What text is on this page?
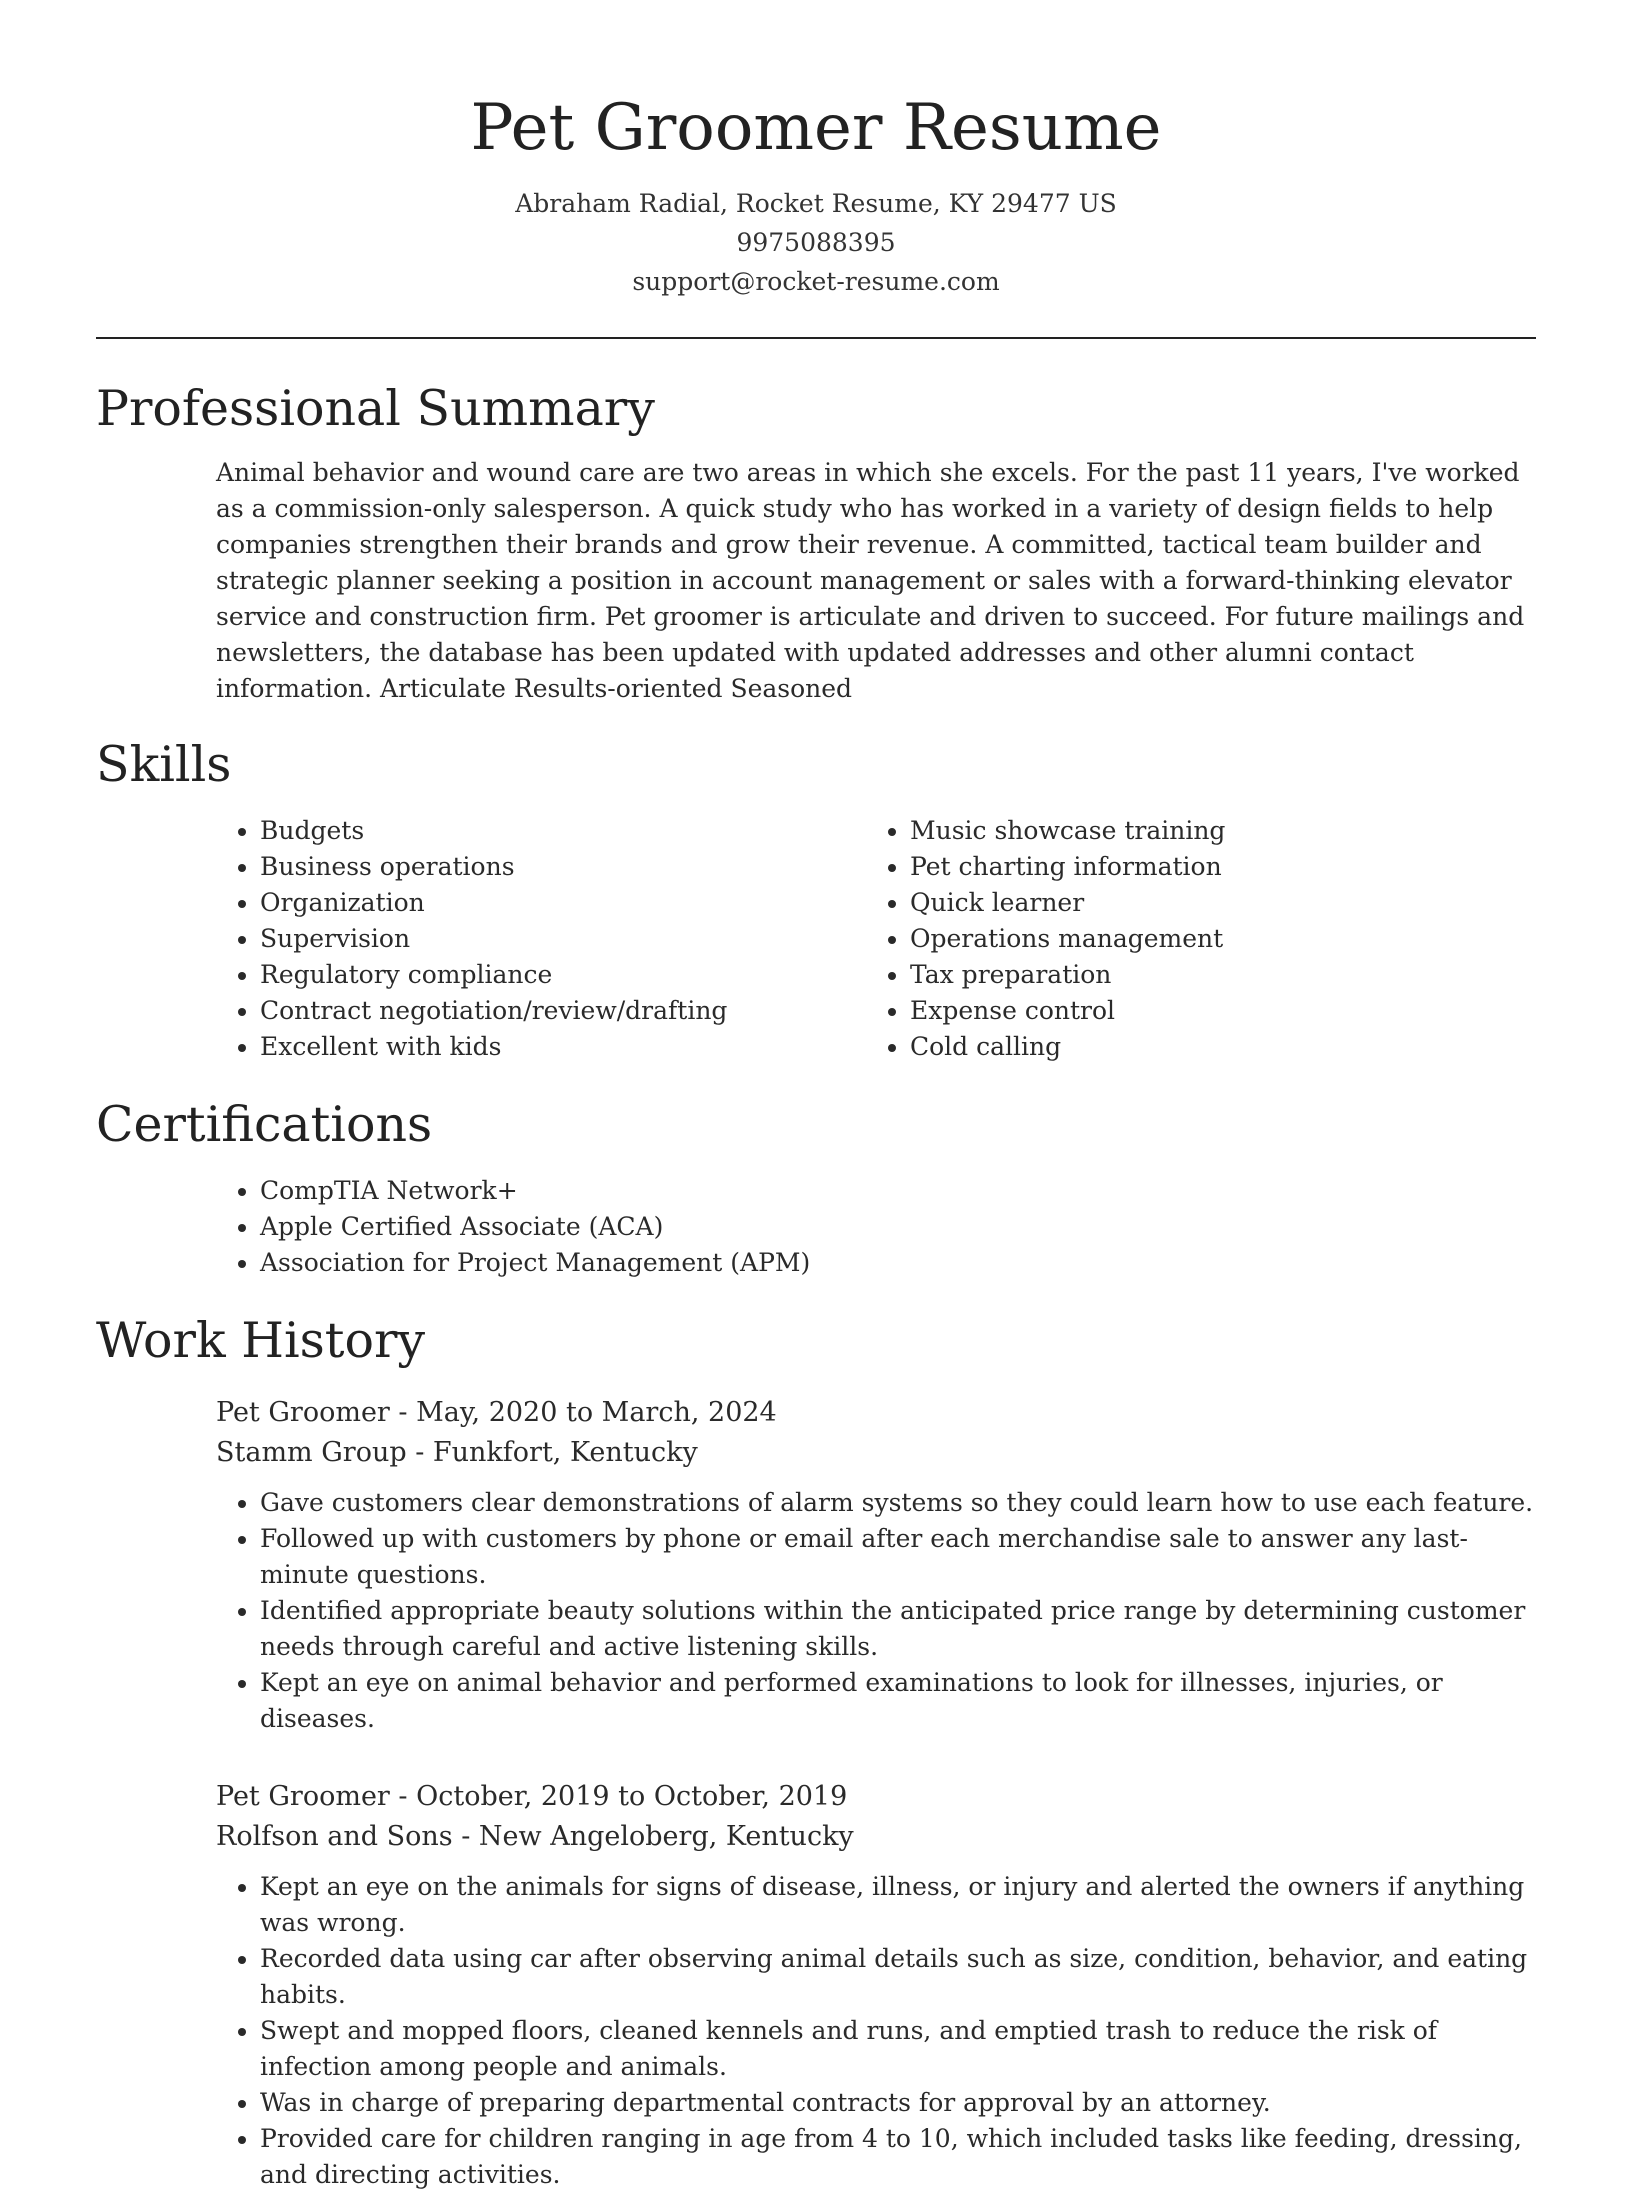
Pet Groomer Resume
Abraham Radial, Rocket Resume, KY 29477 US
9975088395
support@rocket-resume.com
Professional Summary

Animal behavior and wound care are two areas in which she excels. For the past 11 years, I've worked as a commission-only salesperson. A quick study who has worked in a variety of design fields to help companies strengthen their brands and grow their revenue. A committed, tactical team builder and strategic planner seeking a position in account management or sales with a forward-thinking elevator service and construction firm. Pet groomer is articulate and driven to succeed. For future mailings and newsletters, the database has been updated with updated addresses and other alumni contact information. Articulate Results-oriented Seasoned

Skills
• Budgets
• Business operations
• Organization
• Supervision
• Regulatory compliance
• Contract negotiation/review/drafting
• Excellent with kids
• Music showcase training
• Pet charting information
• Quick learner
• Operations management
• Tax preparation
• Expense control
• Cold calling
Certifications
• CompTIA Network+
• Apple Certified Associate (ACA)
• Association for Project Management (APM)
Work History
Pet Groomer - May, 2020 to March, 2024
Stamm Group - Funkfort, Kentucky
• Gave customers clear demonstrations of alarm systems so they could learn how to use each feature.
• Followed up with customers by phone or email after each merchandise sale to answer any last-minute questions.
• Identified appropriate beauty solutions within the anticipated price range by determining customer needs through careful and active listening skills.
• Kept an eye on animal behavior and performed examinations to look for illnesses, injuries, or diseases.
Pet Groomer - October, 2019 to October, 2019
Rolfson and Sons - New Angeloberg, Kentucky
• Kept an eye on the animals for signs of disease, illness, or injury and alerted the owners if anything was wrong.
• Recorded data using car after observing animal details such as size, condition, behavior, and eating habits.
• Swept and mopped floors, cleaned kennels and runs, and emptied trash to reduce the risk of infection among people and animals.
• Was in charge of preparing departmental contracts for approval by an attorney.
• Provided care for children ranging in age from 4 to 10, which included tasks like feeding, dressing, and directing activities.
